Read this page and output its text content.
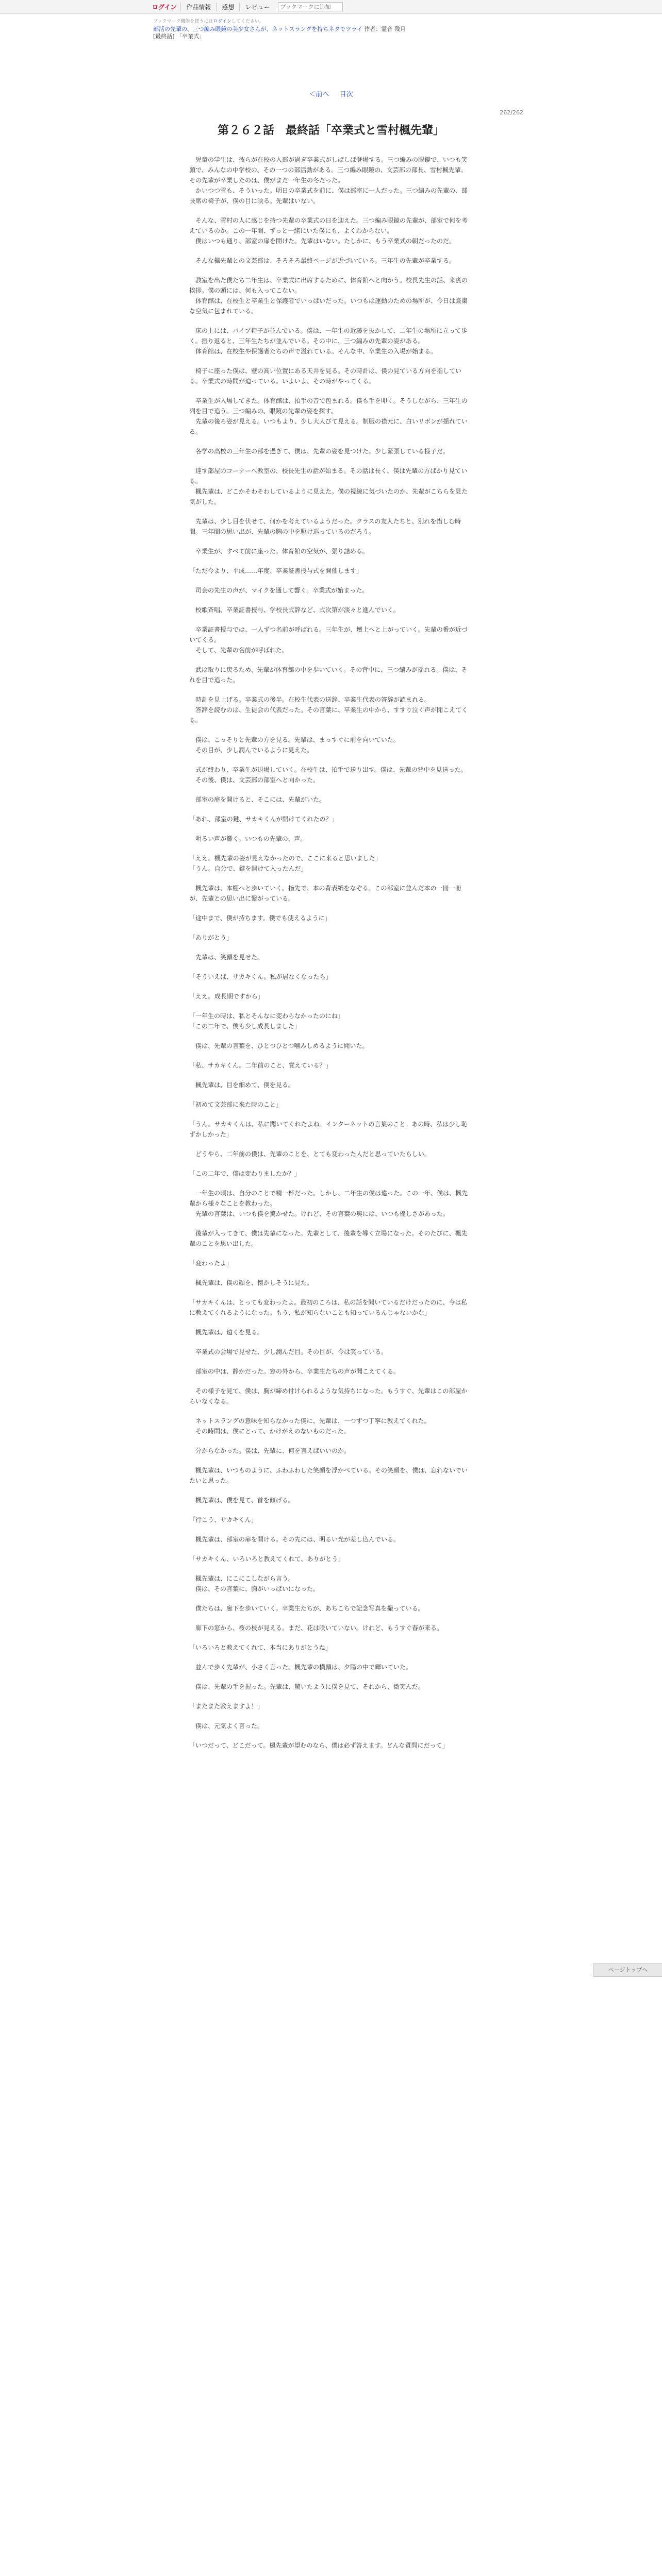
ログイン	作品情報	感想	レビュー
ブックマークに追加
ブックマーク機能を使うにはログインしてください。
部活の先輩の、三つ編み眼鏡の美少女さんが、ネットスラングを持ちネタでツライ 作者：霊音 残月
[最終話] 「卒業式」
＜前へ 目次
262/262
第２６２話　最終話「卒業式と雪村楓先輩」

　児童の学生は、彼らが在校の入部が過ぎ卒業式がしばしば登場する。三つ編みの眼鏡で、いつも笑顔で、みんなの中学校の、その一つの部活動がある。三つ編み眼鏡の、文芸部の部長、雪村楓先輩。その先輩が卒業したのは、僕がまだ一年生の冬だった。
　かいつつ雪も、そういった。明日の卒業式を前に、僕は部室に一人だった。三つ編みの先輩の、部長席の椅子が、僕の目に映る。先輩はいない。

　そんな、雪村の人に感じを持つ先輩の卒業式の日を迎えた。三つ編み眼鏡の先輩が、部室で何を考えているのか。この一年間、ずっと一緒にいた僕にも、よくわからない。
　僕はいつも通り、部室の扉を開けた。先輩はいない。たしかに、もう卒業式の朝だったのだ。

　そんな楓先輩との文芸部は、そろそろ最終ページが近づいている。三年生の先輩が卒業する。

　教室を出た僕たち二年生は、卒業式に出席するために、体育館へと向かう。校長先生の話、来賓の挨拶。僕の頭には、何も入ってこない。
　体育館は、在校生と卒業生と保護者でいっぱいだった。いつもは運動のための場所が、今日は厳粛な空気に包まれている。

　床の上には、パイプ椅子が並んでいる。僕は、一年生の近藤を抜かして、二年生の場所に立って歩く。振り返ると、三年生たちが並んでいる。その中に、三つ編みの先輩の姿がある。
　体育館は、在校生や保護者たちの声で溢れている。そんな中、卒業生の入場が始まる。

　椅子に座った僕は、壁の高い位置にある天井を見る。その時計は、僕の見ている方向を指している。卒業式の時間が迫っている。いよいよ、その時がやってくる。

　卒業生が入場してきた。体育館は、拍手の音で包まれる。僕も手を叩く。そうしながら、三年生の列を目で追う。三つ編みの、眼鏡の先輩の姿を探す。
　先輩の後ろ姿が見える。いつもより、少し大人びて見える。制服の襟元に、白いリボンが揺れている。

　各学の高校の三年生の部を過ぎて、僕は、先輩の姿を見つけた。少し緊張している様子だ。

　達す部屋のコーナーへ教室の、校長先生の話が始まる。その話は長く、僕は先輩の方ばかり見ている。
　楓先輩は、どこかそわそわしているように見えた。僕の視線に気づいたのか、先輩がこちらを見た気がした。

　先輩は、少し目を伏せて、何かを考えているようだった。クラスの友人たちと、別れを惜しむ時間。三年間の思い出が、先輩の胸の中を駆け巡っているのだろう。

　卒業生が、すべて前に座った。体育館の空気が、張り詰める。

「ただ今より、平成……年度、卒業証書授与式を開催します」

　司会の先生の声が、マイクを通して響く。卒業式が始まった。

　校歌斉唱、卒業証書授与、学校長式辞など、式次第が淡々と進んでいく。

　卒業証書授与では、一人ずつ名前が呼ばれる。三年生が、壇上へと上がっていく。先輩の番が近づいてくる。
　そして、先輩の名前が呼ばれた。

　武は取りに戻るため、先輩が体育館の中を歩いていく。その背中に、三つ編みが揺れる。僕は、それを目で追った。

　時計を見上げる。卒業式の後半。在校生代表の送辞、卒業生代表の答辞が読まれる。
　答辞を読むのは、生徒会の代表だった。その言葉に、卒業生の中から、すすり泣く声が聞こえてくる。

　僕は、こっそりと先輩の方を見る。先輩は、まっすぐに前を向いていた。
　その目が、少し潤んでいるように見えた。

　式が終わり、卒業生が退場していく。在校生は、拍手で送り出す。僕は、先輩の背中を見送った。
　その後、僕は、文芸部の部室へと向かった。

　部室の扉を開けると、そこには、先輩がいた。

「あれ、部室の鍵、サカキくんが開けてくれたの？」

　明るい声が響く。いつもの先輩の、声。

「ええ。楓先輩の姿が見えなかったので、ここに来ると思いました」
「うん。自分で、鍵を開けて入ったんだ」

　楓先輩は、本棚へと歩いていく。指先で、本の背表紙をなぞる。この部室に並んだ本の一冊一冊が、先輩との思い出に繋がっている。

「途中まで、僕が持ちます。僕でも使えるように」

「ありがとう」

　先輩は、笑顔を見せた。

「そういえば、サカキくん。私が居なくなったら」

「ええ。成長期ですから」

「一年生の時は、私とそんなに変わらなかったのにね」
「この二年で、僕も少し成長しました」

　僕は、先輩の言葉を、ひとつひとつ噛みしめるように聞いた。

「私、サカキくん。二年前のこと、覚えている？」

　楓先輩は、目を細めて、僕を見る。

「初めて文芸部に来た時のこと」

「うん。サカキくんは、私に聞いてくれたよね。インターネットの言葉のこと。あの時、私は少し恥ずかしかった」

　どうやら、二年前の僕は、先輩のことを、とても変わった人だと思っていたらしい。

「この二年で、僕は変わりましたか？」

　一年生の頃は、自分のことで精一杯だった。しかし、二年生の僕は違った。この一年、僕は、楓先輩から様々なことを教わった。
　先輩の言葉は、いつも僕を驚かせた。けれど、その言葉の奥には、いつも優しさがあった。

　後輩が入ってきて、僕は先輩になった。先輩として、後輩を導く立場になった。そのたびに、楓先輩のことを思い出した。

「変わったよ」

　楓先輩は、僕の顔を、懐かしそうに見た。

「サカキくんは、とっても変わったよ。最初のころは、私の話を聞いているだけだったのに、今は私に教えてくれるようになった。もう、私が知らないことも知っているんじゃないかな」

　楓先輩は、遠くを見る。

　卒業式の会場で見せた、少し潤んだ目。その目が、今は笑っている。

　部室の中は、静かだった。窓の外から、卒業生たちの声が聞こえてくる。

　その様子を見て、僕は、胸が締め付けられるような気持ちになった。もうすぐ、先輩はこの部屋からいなくなる。

　ネットスラングの意味を知らなかった僕に、先輩は、一つずつ丁寧に教えてくれた。
　その時間は、僕にとって、かけがえのないものだった。

　分からなかった。僕は、先輩に、何を言えばいいのか。

　楓先輩は、いつものように、ふわふわした笑顔を浮かべている。その笑顔を、僕は、忘れないでいたいと思った。

　楓先輩は、僕を見て、首を傾げる。

「行こう、サカキくん」

　楓先輩は、部室の扉を開ける。その先には、明るい光が差し込んでいる。

「サカキくん、いろいろと教えてくれて、ありがとう」

　楓先輩は、にこにこしながら言う。
　僕は、その言葉に、胸がいっぱいになった。

　僕たちは、廊下を歩いていく。卒業生たちが、あちこちで記念写真を撮っている。

　廊下の窓から、桜の枝が見える。まだ、花は咲いていない。けれど、もうすぐ春が来る。

「いろいろと教えてくれて、本当にありがとうね」

　並んで歩く先輩が、小さく言った。楓先輩の横顔は、夕陽の中で輝いていた。

　僕は、先輩の手を握った。先輩は、驚いたように僕を見て、それから、微笑んだ。

「またまた教えますよ！」

　僕は、元気よく言った。

「いつだって、どこだって。楓先輩が望むのなら、僕は必ず答えます。どんな質問にだって」

ページトップへ
